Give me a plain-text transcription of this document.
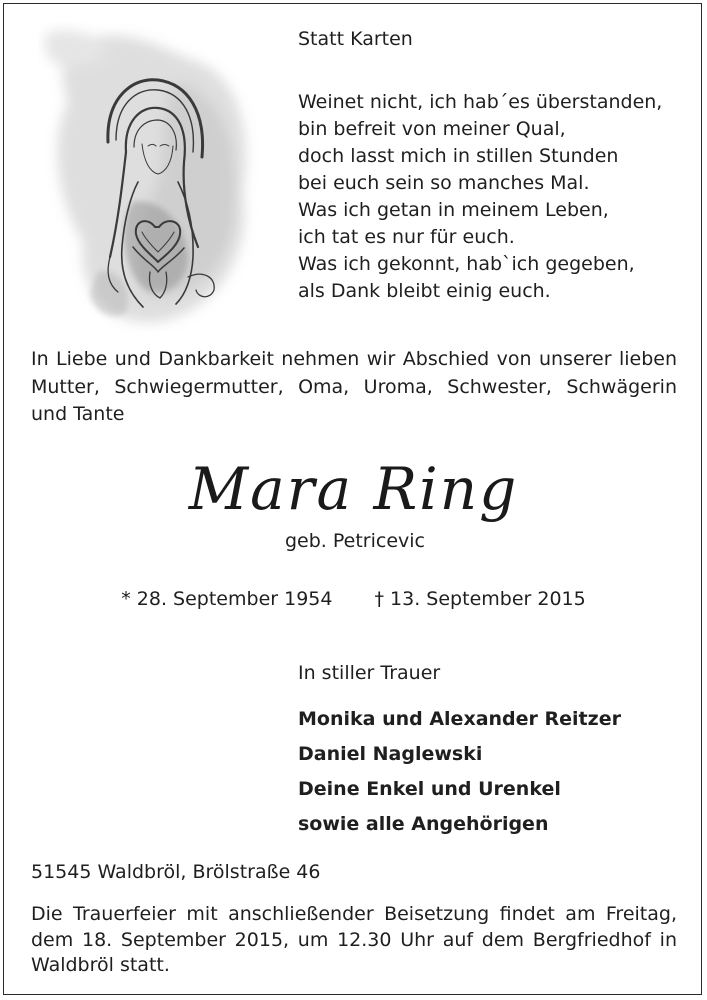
Statt Karten
Weinet nicht, ich hab´es überstanden,
bin befreit von meiner Qual,
doch lasst mich in stillen Stunden
bei euch sein so manches Mal.
Was ich getan in meinem Leben,
ich tat es nur für euch.
Was ich gekonnt, hab`ich gegeben,
als Dank bleibt einig euch.
In Liebe und Dankbarkeit nehmen wir Abschied von unserer lieben Mutter, Schwiegermutter, Oma, Uroma, Schwester, Schwägerin und Tante
Mara Ring
geb. Petricevic
* 28. September 1954 † 13. September 2015
In stiller Trauer
Monika und Alexander Reitzer
Daniel Naglewski
Deine Enkel und Urenkel
sowie alle Angehörigen
51545 Waldbröl, Brölstraße 46
Die Trauerfeier mit anschließender Beisetzung findet am Freitag, dem 18. September 2015, um 12.30 Uhr auf dem Bergfriedhof in Waldbröl statt.
